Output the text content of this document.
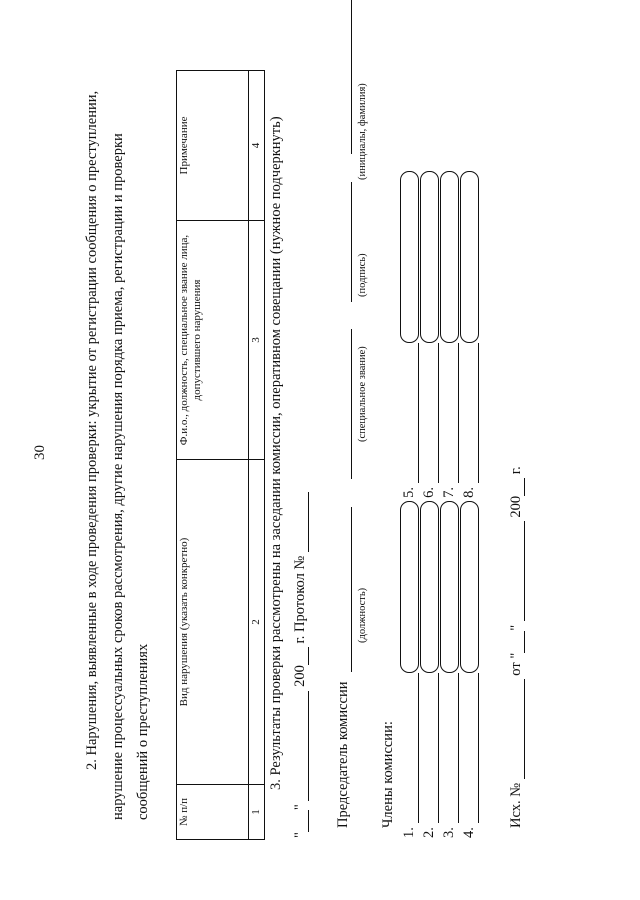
30 2. Нарушения, выявленные в ходе проведения проверки: укрытие от регистрации сообщения о преступлении, нарушение процессуальных сроков рассмотрения, другие нарушения порядка приема, регистрации и проверки сообщений о преступлениях № п/п	Вид нарушения (указать конкретно)	Ф.и.о., должность, специальное звание лица, допустившего нарушения	Примечание
1	2	3	4 3. Результаты проверки рассмотрены на заседании комиссии, оперативном совещании (нужное подчеркнуть)
""  200 г. Протокол №
Председатель комиссии
(должность)
(специальное звание)
(подпись)
(инициалы, фамилия)
Члены комиссии:
1.  5.
2.  6.
3.  7.
4.  8.
Исх. №  от ""  200 г.
